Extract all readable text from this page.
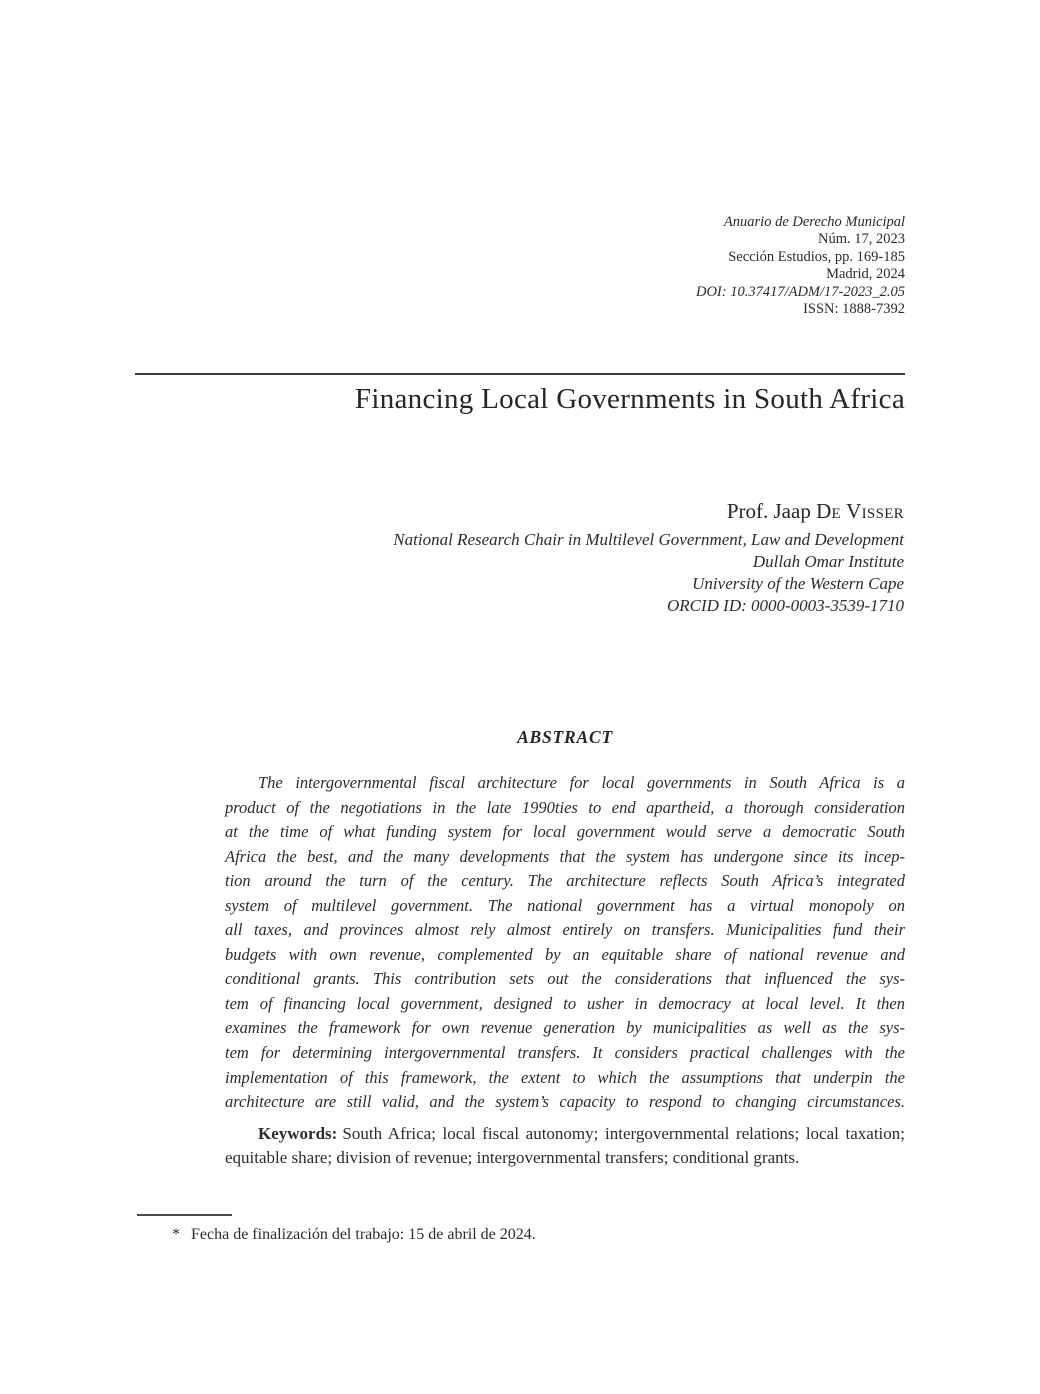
Anuario de Derecho Municipal
Núm. 17, 2023
Sección Estudios, pp. 169-185
Madrid, 2024
DOI: 10.37417/ADM/17-2023_2.05
ISSN: 1888-7392
Financing Local Governments in South Africa
Prof. Jaap De Visser
National Research Chair in Multilevel Government, Law and Development
Dullah Omar Institute
University of the Western Cape
ORCID ID: 0000-0003-3539-1710
ABSTRACT
The intergovernmental fiscal architecture for local governments in South Africa is a
product of the negotiations in the late 1990ties to end apartheid, a thorough consideration
at the time of what funding system for local government would serve a democratic South
Africa the best, and the many developments that the system has undergone since its incep-
tion around the turn of the century. The architecture reflects South Africa’s integrated
system of multilevel government. The national government has a virtual monopoly on
all taxes, and provinces almost rely almost entirely on transfers. Municipalities fund their
budgets with own revenue, complemented by an equitable share of national revenue and
conditional grants. This contribution sets out the considerations that influenced the sys-
tem of financing local government, designed to usher in democracy at local level. It then
examines the framework for own revenue generation by municipalities as well as the sys-
tem for determining intergovernmental transfers. It considers practical challenges with the
implementation of this framework, the extent to which the assumptions that underpin the
architecture are still valid, and the system’s capacity to respond to changing circumstances.

Keywords: South Africa; local fiscal autonomy; intergovernmental relations; local taxation; equitable share; division of revenue; intergovernmental transfers; conditional grants.

* Fecha de finalización del trabajo: 15 de abril de 2024.
